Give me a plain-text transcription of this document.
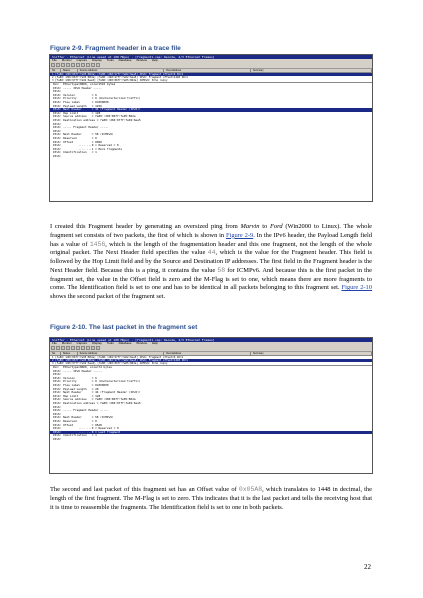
Figure 2-9. Fragment header in a trace file
Sniffer - Ethernet (Line speed at 100 Mbps) - [fragment1.cap: Decode, 2/3 Ethernet Frames]
File Monitor Capture Display Tools Database Window Help
No.	Status	Source Address	Dest Address	Summary
1 [fe80::200:86ff:fe05:80da] [fe80::260:97ff:fe02:6ea5] IPv6: Fragment offset=0 ID=1
2 [fe80::200:86ff:fe05:80da] [fe80::260:97ff:fe02:6ea5] IPv6: Fragment offset=1448 ID=1
3 [fe80::260:97ff:fe02:6ea5] [fe80::200:86ff:fe05:80da] ICMPv6: Echo reply
DLC:  Ethertype=86DD, size=1510 bytes
IPv6: ----- IPv6 Header -----
IPv6:
IPv6: Version          = 6
IPv6: Priority         = 0 (Uncharacterized traffic)
IPv6: Flow label       = 0x000000
IPv6: Payload Length   = 1456
IPv6: Next Header      = 44 (Fragment Header (IPv6))
IPv6: Hop Limit        = 128
IPv6: Source address   = fe80::200:86ff:fe05:80da
IPv6: Destination address = fe80::260:97ff:fe02:6ea5
IPv6:
IPv6: ----- Fragment Header -----
IPv6:
IPv6: Next Header      = 58 (ICMPv6)
IPv6: Reserved         = 0
IPv6: Offset           = 0000
IPv6:          .... ...0 = Reserved = 0
IPv6:          .... ...1 = More fragments
IPv6: Identification   = 1
IPv6:

I created this Fragment header by generating an oversized ping from Marvin to Ford (Win2000 to Linux). The whole fragment set consists of two packets, the first of which is shown in Figure 2-9. In the IPv6 header, the Payload Length field has a value of 1456, which is the length of the fragmentation header and this one fragment, not the length of the whole original packet. The Next Header field specifies the value 44, which is the value for the Fragment header. This field is followed by the Hop Limit field and by the Source and Destination IP addresses. The first field in the Fragment header is the Next Header field. Because this is a ping, it contains the value 58 for ICMPv6. And because this is the first packet in the fragment set, the value in the Offset field is zero and the M-Flag is set to one, which means there are more fragments to come. The Identification field is set to one and has to be identical in all packets belonging to this fragment set. Figure 2-10 shows the second packet of the fragment set.

Figure 2-10. The last packet in the fragment set
Sniffer - Ethernet (Line speed at 100 Mbps) - [fragment1.cap: Decode, 2/3 Ethernet Frames]
File Monitor Capture Display Tools Database Window Help
No.	Status	Source Address	Dest Address	Summary
1 [fe80::200:86ff:fe05:80da] [fe80::260:97ff:fe02:6ea5] IPv6: Fragment offset=0 ID=1
2 [fe80::200:86ff:fe05:80da] [fe80::260:97ff:fe02:6ea5] IPv6: Fragment offset=1448 ID=1
3 [fe80::260:97ff:fe02:6ea5] [fe80::200:86ff:fe05:80da] ICMPv6: Echo reply
DLC:  Ethertype=86DD, size=74 bytes
IPv6: ----- IPv6 Header -----
IPv6:
IPv6: Version          = 6
IPv6: Priority         = 0 (Uncharacterized traffic)
IPv6: Flow label       = 0x000000
IPv6: Payload Length   = 20
IPv6: Next Header      = 44 (Fragment Header (IPv6))
IPv6: Hop Limit        = 128
IPv6: Source address   = fe80::200:86ff:fe05:80da
IPv6: Destination address = fe80::260:97ff:fe02:6ea5
IPv6:
IPv6: ----- Fragment Header -----
IPv6:
IPv6: Next Header      = 58 (ICMPv6)
IPv6: Reserved         = 0
IPv6: Offset           = 05A8
IPv6:          .... ...0 = Reserved = 0
IPv6:          .... ...0 = Last fragment
IPv6: Identification   = 1
IPv6:

The second and last packet of this fragment set has an Offset value of 0x05A8, which translates to 1448 in decimal, the length of the first fragment. The M-Flag is set to zero. This indicates that it is the last packet and tells the receiving host that it is time to reassemble the fragments. The Identification field is set to one in both packets.

22
